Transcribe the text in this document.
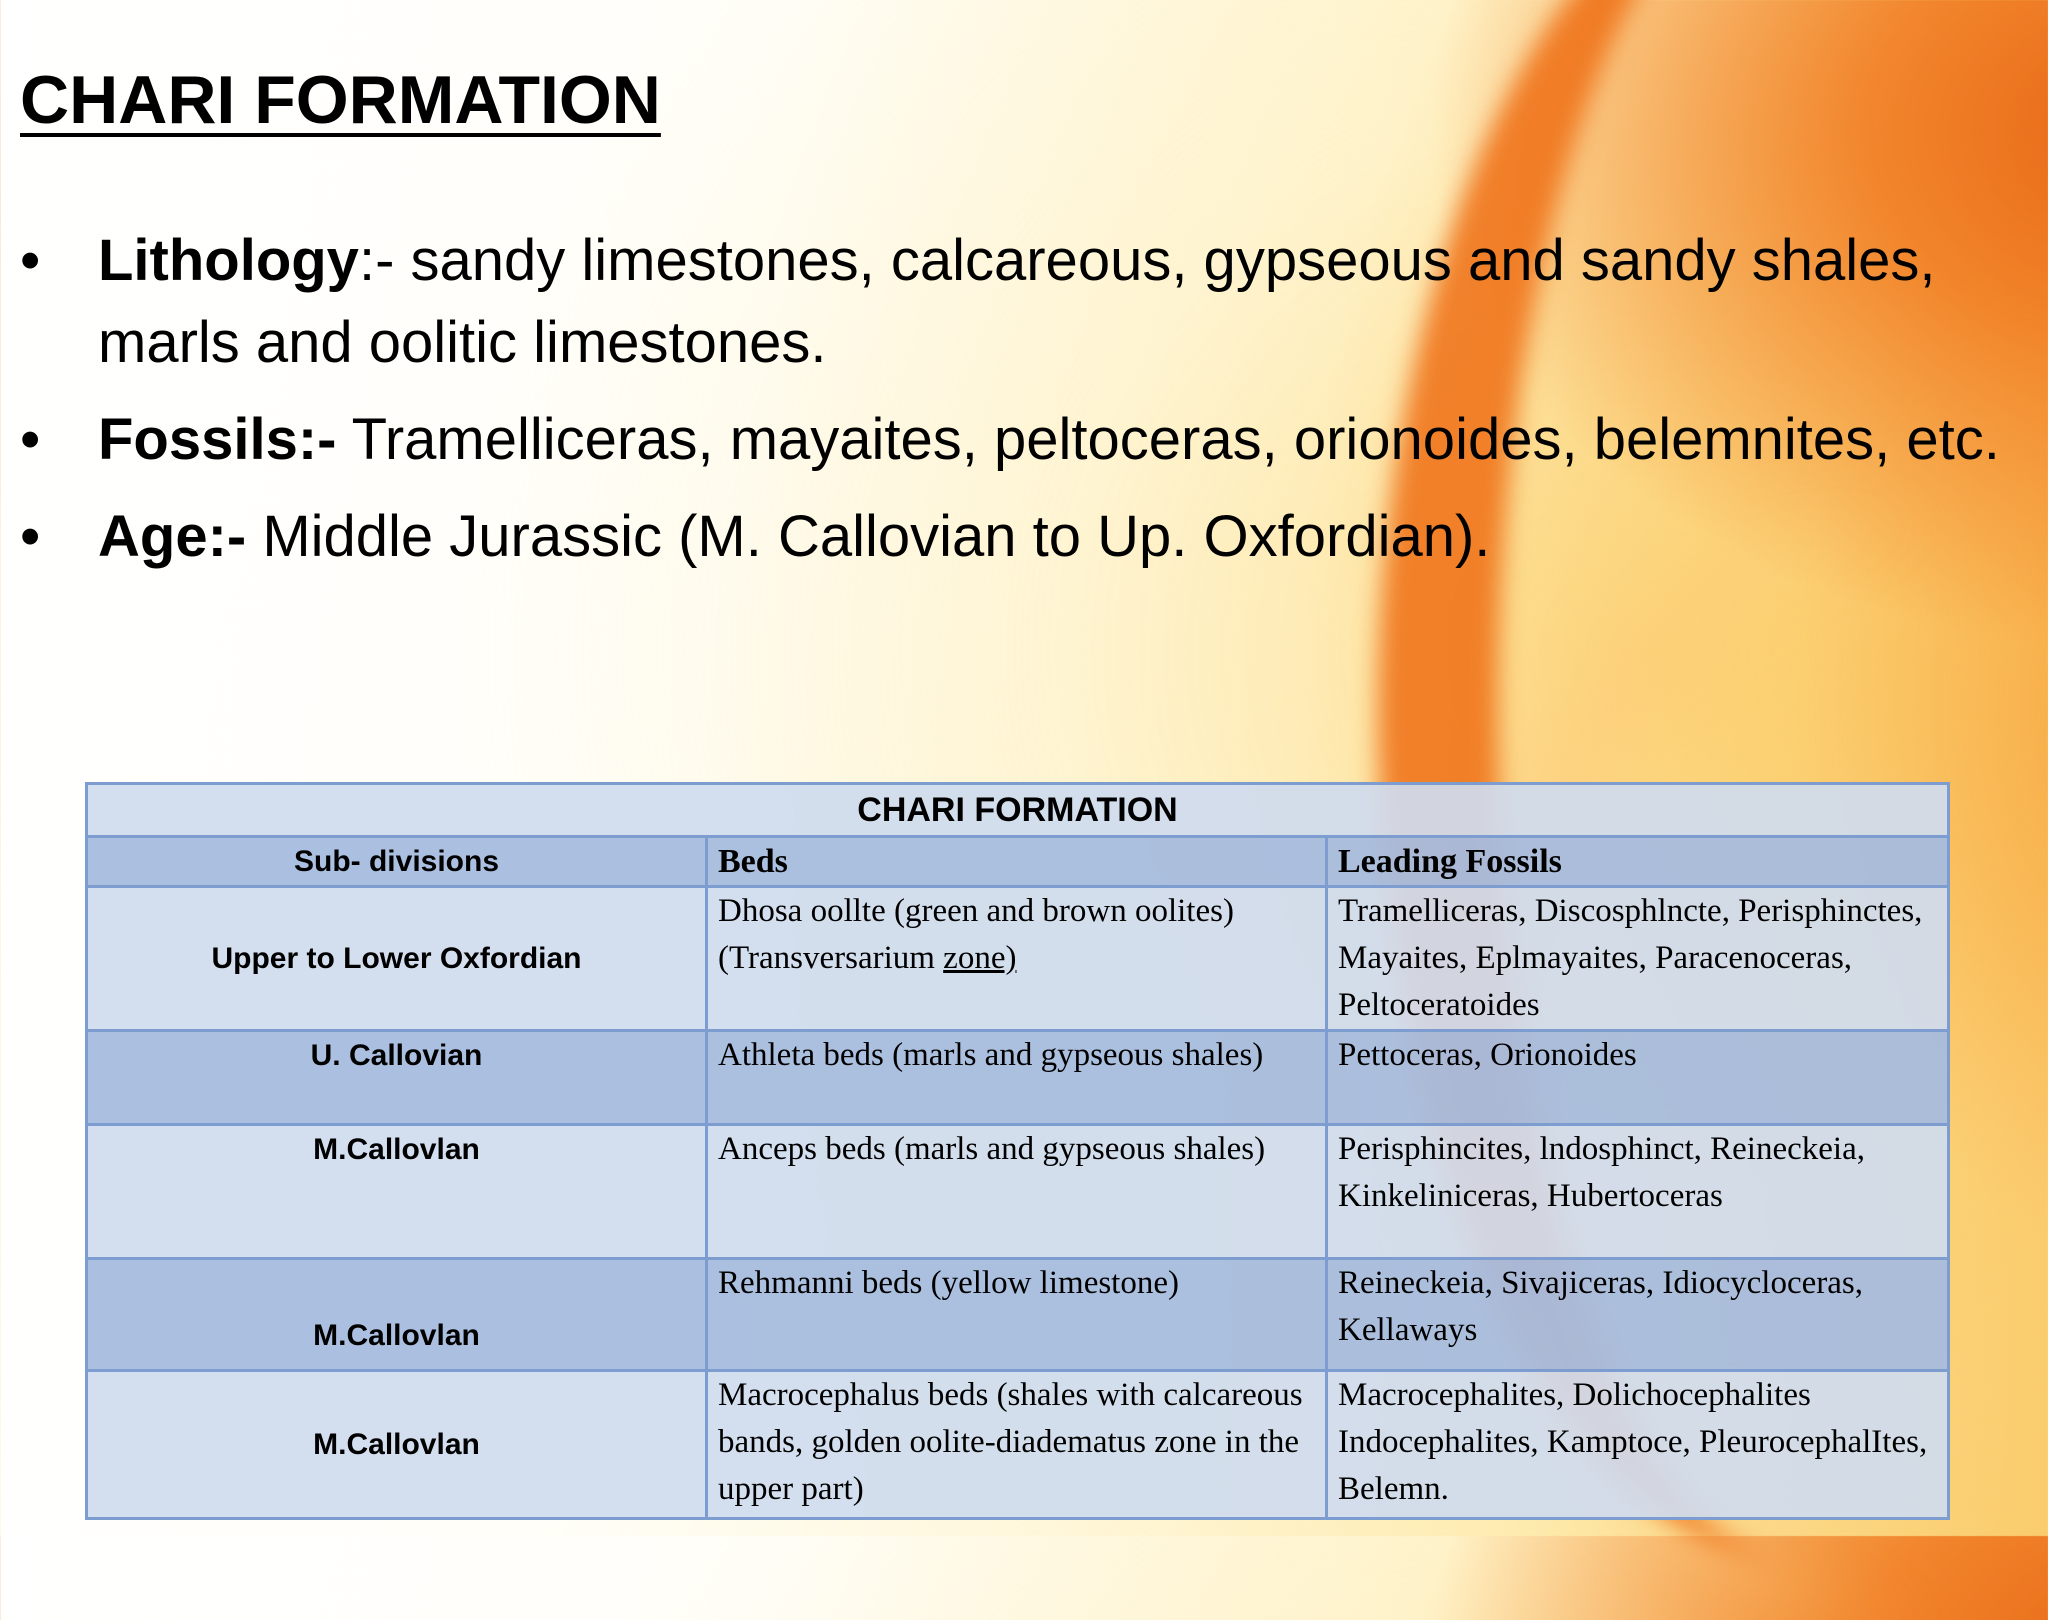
CHARI FORMATION
• Lithology:- sandy limestones, calcareous, gypseous and sandy shales, marls and oolitic limestones.
• Fossils:- Tramelliceras, mayaites, peltoceras, orionoides, belemnites, etc.
• Age:- Middle Jurassic (M. Callovian to Up. Oxfordian).
CHARI FORMATION		
Sub- divisions	Beds	Leading Fossils
Upper to Lower Oxfordian	Dhosa oollte (green and brown oolites) (Transversarium zone)	Tramelliceras, Discosphlncte, Perisphinctes, Mayaites, Eplmayaites, Paracenoceras, Peltoceratoides
U. Callovian	Athleta beds (marls and gypseous shales)	Pettoceras, Orionoides
M.Callovlan	Anceps beds (marls and gypseous shales)	Perisphincites, lndosphinct, Reineckeia, Kinkeliniceras, Hubertoceras
M.Callovlan	Rehmanni beds (yellow limestone)	Reineckeia, Sivajiceras, Idiocycloceras, Kellaways
M.Callovlan	Macrocephalus beds (shales with calcareous bands, golden oolite-diadematus zone in the upper part)	Macrocephalites, Dolichocephalites Indocephalites, Kamptoce, PleurocephalItes, Belemn.
